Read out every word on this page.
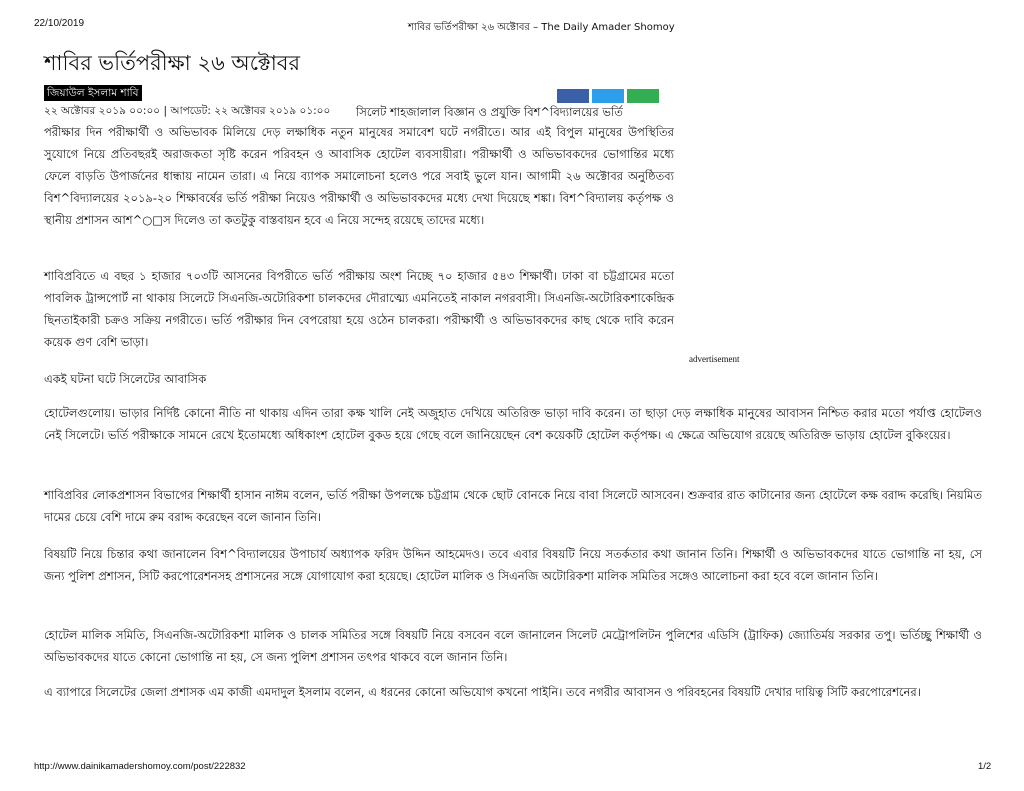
22/10/2019	শাবির ভর্তিপরীক্ষা ২৬ অক্টোবর – The Daily Amader Shomoy
শাবির ভর্তিপরীক্ষা ২৬ অক্টোবর
জিয়াউল ইসলাম শাবি
২২ অক্টোবর ২০১৯ ০০:০০ | আপডেট: ২২ অক্টোবর ২০১৯ ০১:০০ সিলেট শাহজালাল বিজ্ঞান ও প্রযুক্তি বিশ^বিদ্যালয়ের ভর্তি

পরীক্ষার দিন পরীক্ষার্থী ও অভিভাবক মিলিয়ে দেড় লক্ষাধিক নতুন মানুষের সমাবেশ ঘটে নগরীতে। আর এই বিপুল মানুষের উপস্থিতির সুযোগে নিয়ে প্রতিবছরই অরাজকতা সৃষ্টি করেন পরিবহন ও আবাসিক হোটেল ব্যবসায়ীরা। পরীক্ষার্থী ও অভিভাবকদের ভোগান্তির মধ্যে ফেলে বাড়তি উপার্জনের ধান্ধায় নামেন তারা। এ নিয়ে ব্যাপক সমালোচনা হলেও পরে সবাই ভুলে যান। আগামী ২৬ অক্টোবর অনুষ্ঠিতব্য বিশ^বিদ্যালয়ের ২০১৯-২০ শিক্ষাবর্ষের ভর্তি পরীক্ষা নিয়েও পরীক্ষার্থী ও অভিভাবকদের মধ্যে দেখা দিয়েছে শঙ্কা। বিশ^বিদ্যালয় কর্তৃপক্ষ ও স্থানীয় প্রশাসন আশ^○□স দিলেও তা কতটুকু বাস্তবায়ন হবে এ নিয়ে সন্দেহ রয়েছে তাদের মধ্যে।

শাবিপ্রবিতে এ বছর ১ হাজার ৭০৩টি আসনের বিপরীতে ভর্তি পরীক্ষায় অংশ নিচ্ছে ৭০ হাজার ৫৪৩ শিক্ষার্থী। ঢাকা বা চট্টগ্রামের মতো পাবলিক ট্রান্সপোর্ট না থাকায় সিলেটে সিএনজি-অটোরিকশা চালকদের দৌরাত্ম্যে এমনিতেই নাকাল নগরবাসী। সিএনজি-অটোরিকশাকেন্দ্রিক ছিনতাইকারী চক্রও সক্রিয় নগরীতে। ভর্তি পরীক্ষার দিন বেপরোয়া হয়ে ওঠেন চালকরা। পরীক্ষার্থী ও অভিভাবকদের কাছ থেকে দাবি করেন কয়েক গুণ বেশি ভাড়া।

advertisement

একই ঘটনা ঘটে সিলেটের আবাসিক

হোটেলগুলোয়। ভাড়ার নির্দিষ্ট কোনো নীতি না থাকায় এদিন তারা কক্ষ খালি নেই অজুহাত দেখিয়ে অতিরিক্ত ভাড়া দাবি করেন। তা ছাড়া দেড় লক্ষাধিক মানুষের আবাসন নিশ্চিত করার মতো পর্যাপ্ত হোটেলও নেই সিলেটে। ভর্তি পরীক্ষাকে সামনে রেখে ইতোমধ্যে অধিকাংশ হোটেল বুকড হয়ে গেছে বলে জানিয়েছেন বেশ কয়েকটি হোটেল কর্তৃপক্ষ। এ ক্ষেত্রে অভিযোগ রয়েছে অতিরিক্ত ভাড়ায় হোটেল বুকিংয়ের।

শাবিপ্রবির লোকপ্রশাসন বিভাগের শিক্ষার্থী হাসান নাঈম বলেন, ভর্তি পরীক্ষা উপলক্ষে চট্টগ্রাম থেকে ছোট বোনকে নিয়ে বাবা সিলেটে আসবেন। শুক্রবার রাত কাটানোর জন্য হোটেলে কক্ষ বরাদ্দ করেছি। নিয়মিত দামের চেয়ে বেশি দামে রুম বরাদ্দ করেছেন বলে জানান তিনি।

বিষয়টি নিয়ে চিন্তার কথা জানালেন বিশ^বিদ্যালয়ের উপাচার্য অধ্যাপক ফরিদ উদ্দিন আহমেদও। তবে এবার বিষয়টি নিয়ে সতর্কতার কথা জানান তিনি। শিক্ষার্থী ও অভিভাবকদের যাতে ভোগান্তি না হয়, সে জন্য পুলিশ প্রশাসন, সিটি করপোরেশনসহ প্রশাসনের সঙ্গে যোগাযোগ করা হয়েছে। হোটেল মালিক ও সিএনজি অটোরিকশা মালিক সমিতির সঙ্গেও আলোচনা করা হবে বলে জানান তিনি।

হোটেল মালিক সমিতি, সিএনজি-অটোরিকশা মালিক ও চালক সমিতির সঙ্গে বিষয়টি নিয়ে বসবেন বলে জানালেন সিলেট মেট্রোপলিটন পুলিশের এডিসি (ট্রাফিক) জ্যোতির্ময় সরকার তপু। ভর্তিচ্ছু শিক্ষার্থী ও অভিভাবকদের যাতে কোনো ভোগান্তি না হয়, সে জন্য পুলিশ প্রশাসন তৎপর থাকবে বলে জানান তিনি।

এ ব্যাপারে সিলেটের জেলা প্রশাসক এম কাজী এমদাদুল ইসলাম বলেন, এ ধরনের কোনো অভিযোগ কখনো পাইনি। তবে নগরীর আবাসন ও পরিবহনের বিষয়টি দেখার দায়িত্ব সিটি করপোরেশনের।

http://www.dainikamadershomoy.com/post/222832	1/2
